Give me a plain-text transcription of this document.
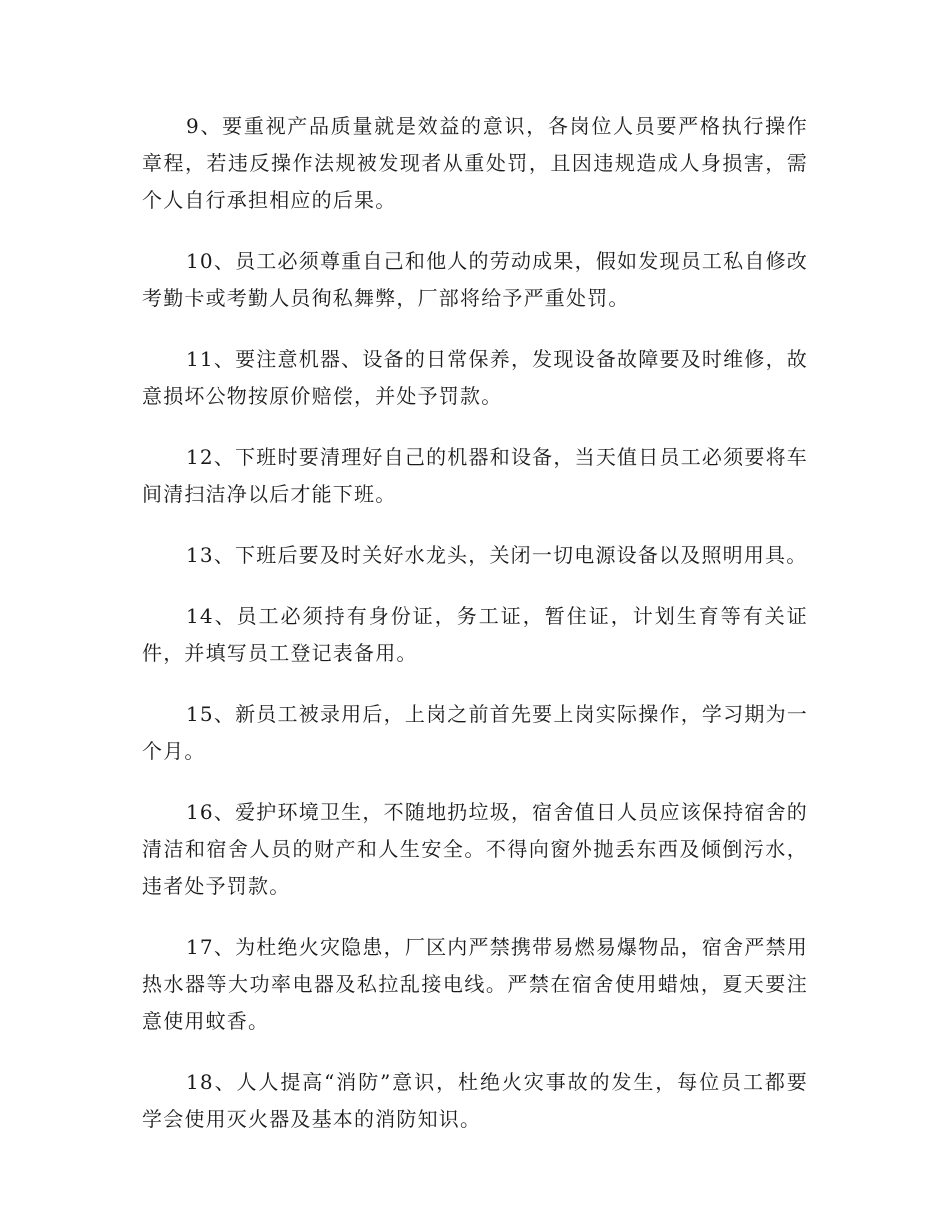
9、要重视产品质量就是效益的意识，各岗位人员要严格执行操作章程，若违反操作法规被发现者从重处罚，且因违规造成人身损害，需个人自行承担相应的后果。

10、员工必须尊重自己和他人的劳动成果，假如发现员工私自修改考勤卡或考勤人员徇私舞弊，厂部将给予严重处罚。

11、要注意机器、设备的日常保养，发现设备故障要及时维修，故意损坏公物按原价赔偿，并处予罚款。

12、下班时要清理好自己的机器和设备，当天值日员工必须要将车间清扫洁净以后才能下班。

13、下班后要及时关好水龙头，关闭一切电源设备以及照明用具。

14、员工必须持有身份证，务工证，暂住证，计划生育等有关证件，并填写员工登记表备用。

15、新员工被录用后，上岗之前首先要上岗实际操作，学习期为一个月。

16、爱护环境卫生，不随地扔垃圾，宿舍值日人员应该保持宿舍的清洁和宿舍人员的财产和人生安全。不得向窗外抛丢东西及倾倒污水，违者处予罚款。

17、为杜绝火灾隐患，厂区内严禁携带易燃易爆物品，宿舍严禁用热水器等大功率电器及私拉乱接电线。严禁在宿舍使用蜡烛，夏天要注意使用蚊香。

18、人人提高“消防”意识，杜绝火灾事故的发生，每位员工都要学会使用灭火器及基本的消防知识。
